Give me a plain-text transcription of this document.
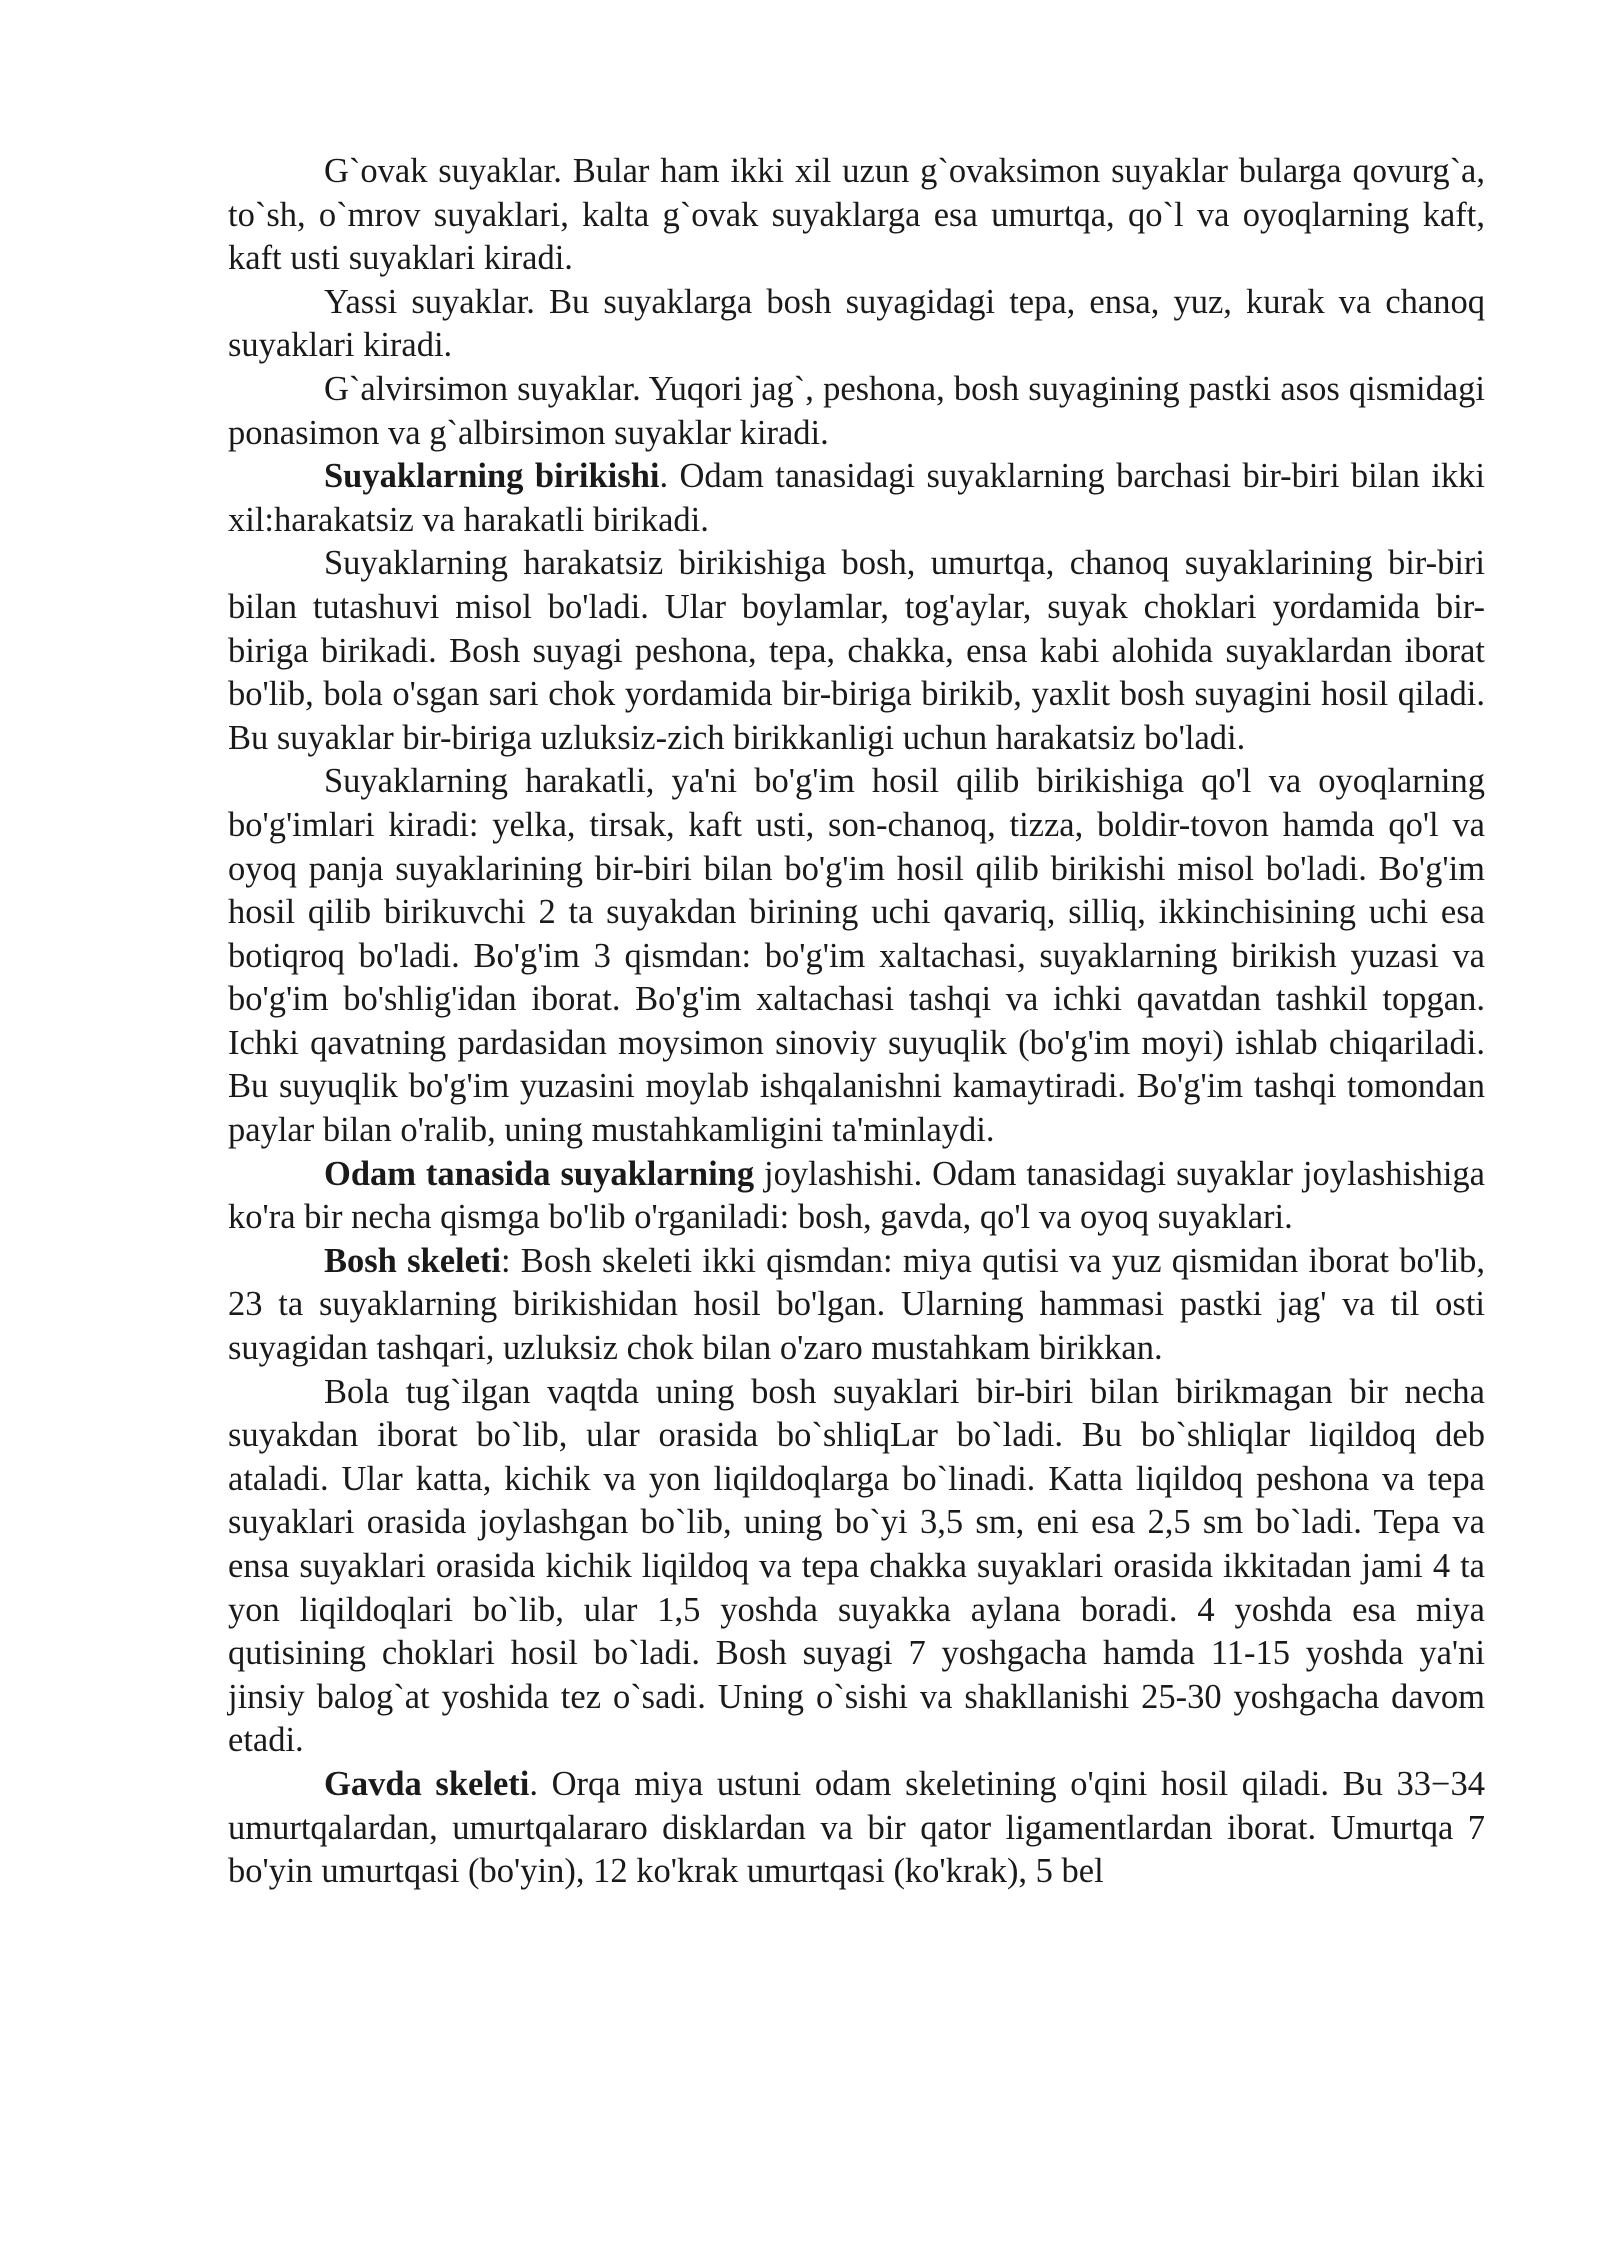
G`ovak suyaklar. Bular ham ikki xil uzun g`ovaksimon suyaklar bularga qovurg`a, to`sh, o`mrov suyaklari, kalta g`ovak suyaklarga esa umurtqa, qo`l va oyoqlarning kaft, kaft usti suyaklari kiradi.

Yassi suyaklar. Bu suyaklarga bosh suyagidagi tepa, ensa, yuz, kurak va chanoq suyaklari kiradi.

G`alvirsimon suyaklar. Yuqori jag`, peshona, bosh suyagining pastki asos qismidagi ponasimon va g`albirsimon suyaklar kiradi.

Suyaklarning birikishi. Odam tanasidagi suyaklarning barchasi bir-biri bilan ikki xil:harakatsiz va harakatli birikadi.

Suyaklarning harakatsiz birikishiga bosh, umurtqa, chanoq suyaklarining bir-biri bilan tutashuvi misol bo'ladi. Ular boylamlar, tog'aylar, suyak choklari yordamida bir-biriga birikadi. Bosh suyagi peshona, tepa, chakka, ensa kabi alohida suyaklardan iborat bo'lib, bola o'sgan sari chok yordamida bir-biriga birikib, yaxlit bosh suyagini hosil qiladi. Bu suyaklar bir-biriga uzluksiz-zich birikkanligi uchun harakatsiz bo'ladi.

Suyaklarning harakatli, ya'ni bo'g'im hosil qilib birikishiga qo'l va oyoqlarning bo'g'imlari kiradi: yelka, tirsak, kaft usti, son-chanoq, tizza, boldir-tovon hamda qo'l va oyoq panja suyaklarining bir-biri bilan bo'g'im hosil qilib birikishi misol bo'ladi. Bo'g'im hosil qilib birikuvchi 2 ta suyakdan birining uchi qavariq, silliq, ikkinchisining uchi esa botiqroq bo'ladi. Bo'g'im 3 qismdan: bo'g'im xaltachasi, suyaklarning birikish yuzasi va bo'g'im bo'shlig'idan iborat. Bo'g'im xaltachasi tashqi va ichki qavatdan tashkil topgan. Ichki qavatning pardasidan moysimon sinoviy suyuqlik (bo'g'im moyi) ishlab chiqariladi. Bu suyuqlik bo'g'im yuzasini moylab ishqalanishni kamaytiradi. Bo'g'im tashqi tomondan paylar bilan o'ralib, uning mustahkamligini ta'minlaydi.

Odam tanasida suyaklarning joylashishi. Odam tanasidagi suyaklar joylashishiga ko'ra bir necha qismga bo'lib o'rganiladi: bosh, gavda, qo'l va oyoq suyaklari.

Bosh skeleti: Bosh skeleti ikki qismdan: miya qutisi va yuz qismidan iborat bo'lib, 23 ta suyaklarning birikishidan hosil bo'lgan. Ularning hammasi pastki jag' va til osti suyagidan tashqari, uzluksiz chok bilan o'zaro mustahkam birikkan.

Bola tug`ilgan vaqtda uning bosh suyaklari bir-biri bilan birikmagan bir necha suyakdan iborat bo`lib, ular orasida bo`shliqLar bo`ladi. Bu bo`shliqlar liqildoq deb ataladi. Ular katta, kichik va yon liqildoqlarga bo`linadi. Katta liqildoq peshona va tepa suyaklari orasida joylashgan bo`lib, uning bo`yi 3,5 sm, eni esa 2,5 sm bo`ladi. Tepa va ensa suyaklari orasida kichik liqildoq va tepa chakka suyaklari orasida ikkitadan jami 4 ta yon liqildoqlari bo`lib, ular 1,5 yoshda suyakka aylana boradi. 4 yoshda esa miya qutisining choklari hosil bo`ladi. Bosh suyagi 7 yoshgacha hamda 11-15 yoshda ya'ni jinsiy balog`at yoshida tez o`sadi. Uning o`sishi va shakllanishi 25-30 yoshgacha davom etadi.

Gavda skeleti. Orqa miya ustuni odam skeletining o'qini hosil qiladi. Bu 33−34 umurtqalardan, umurtqalararo disklardan va bir qator ligamentlardan iborat. Umurtqa 7 bo'yin umurtqasi (bo'yin), 12 ko'krak umurtqasi (ko'krak), 5 bel
